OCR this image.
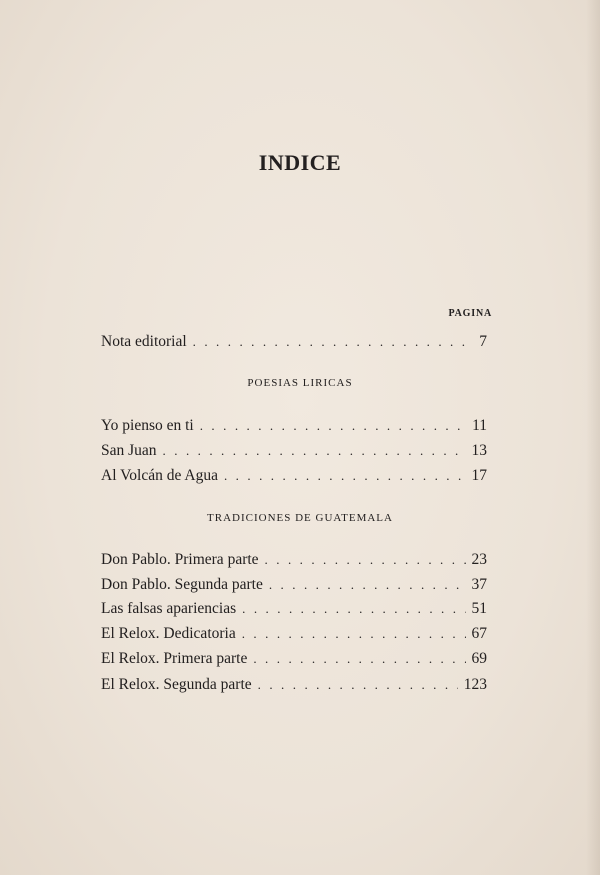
INDICE
PAGINA
Nota editorial . . .	7
POESIAS LIRICAS
Yo pienso en ti . . .	11
San Juan . . .	13
Al Volcán de Agua . . .	17
TRADICIONES DE GUATEMALA
Don Pablo. Primera parte . . .	23
Don Pablo. Segunda parte . . .	37
Las falsas apariencias . . .	51
El Relox. Dedicatoria . . .	67
El Relox. Primera parte . . .	69
El Relox. Segunda parte . . .	123
